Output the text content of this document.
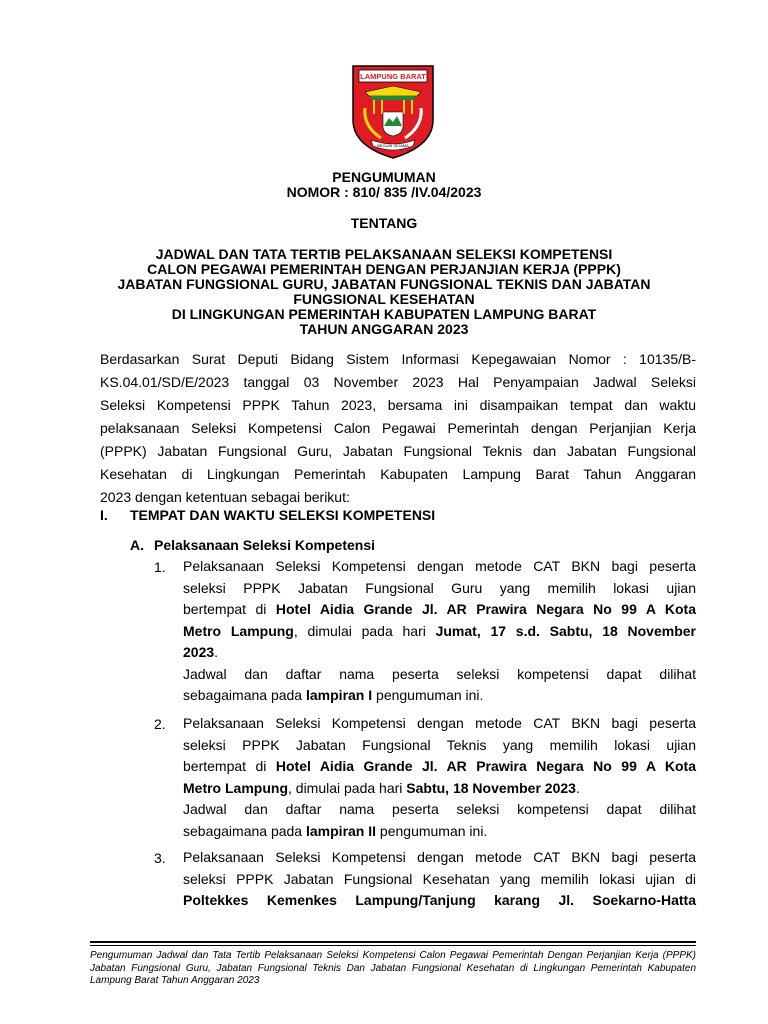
LAMPUNG BARAT
BEGUAI JEJAMA
PENGUMUMAN
NOMOR : 810/ 835 /IV.04/2023
TENTANG
JADWAL DAN TATA TERTIB PELAKSANAAN SELEKSI KOMPETENSI
CALON PEGAWAI PEMERINTAH DENGAN PERJANJIAN KERJA (PPPK)
JABATAN FUNGSIONAL GURU, JABATAN FUNGSIONAL TEKNIS DAN JABATAN
FUNGSIONAL KESEHATAN
DI LINGKUNGAN PEMERINTAH KABUPATEN LAMPUNG BARAT
TAHUN ANGGARAN 2023
Berdasarkan Surat Deputi Bidang Sistem Informasi Kepegawaian Nomor : 10135/B-
KS.04.01/SD/E/2023 tanggal 03 November 2023 Hal Penyampaian Jadwal Seleksi
Seleksi Kompetensi PPPK Tahun 2023, bersama ini disampaikan tempat dan waktu
pelaksanaan Seleksi Kompetensi Calon Pegawai Pemerintah dengan Perjanjian Kerja
(PPPK) Jabatan Fungsional Guru, Jabatan Fungsional Teknis dan Jabatan Fungsional
Kesehatan di Lingkungan Pemerintah Kabupaten Lampung Barat Tahun Anggaran
2023 dengan ketentuan sebagai berikut:
I. TEMPAT DAN WAKTU SELEKSI KOMPETENSI
A. Pelaksanaan Seleksi Kompetensi
1. Pelaksanaan Seleksi Kompetensi dengan metode CAT BKN bagi peserta
seleksi PPPK Jabatan Fungsional Guru yang memilih lokasi ujian
bertempat di Hotel Aidia Grande Jl. AR Prawira Negara No 99 A Kota
Metro Lampung, dimulai pada hari Jumat, 17 s.d. Sabtu, 18 November
2023.
Jadwal dan daftar nama peserta seleksi kompetensi dapat dilihat
sebagaimana pada lampiran I pengumuman ini.
2. Pelaksanaan Seleksi Kompetensi dengan metode CAT BKN bagi peserta
seleksi PPPK Jabatan Fungsional Teknis yang memilih lokasi ujian
bertempat di Hotel Aidia Grande Jl. AR Prawira Negara No 99 A Kota
Metro Lampung, dimulai pada hari Sabtu, 18 November 2023.
Jadwal dan daftar nama peserta seleksi kompetensi dapat dilihat
sebagaimana pada lampiran II pengumuman ini.
3. Pelaksanaan Seleksi Kompetensi dengan metode CAT BKN bagi peserta
seleksi PPPK Jabatan Fungsional Kesehatan yang memilih lokasi ujian di
Poltekkes Kemenkes Lampung/Tanjung karang Jl. Soekarno-Hatta
Pengumuman Jadwal dan Tata Tertib Pelaksanaan Seleksi Kompetensi Calon Pegawai Pemerintah Dengan Perjanjian Kerja (PPPK) Jabatan Fungsional Guru, Jabatan Fungsional Teknis Dan Jabatan Fungsional Kesehatan di Lingkungan Pemerintah Kabupaten Lampung Barat Tahun Anggaran 2023
